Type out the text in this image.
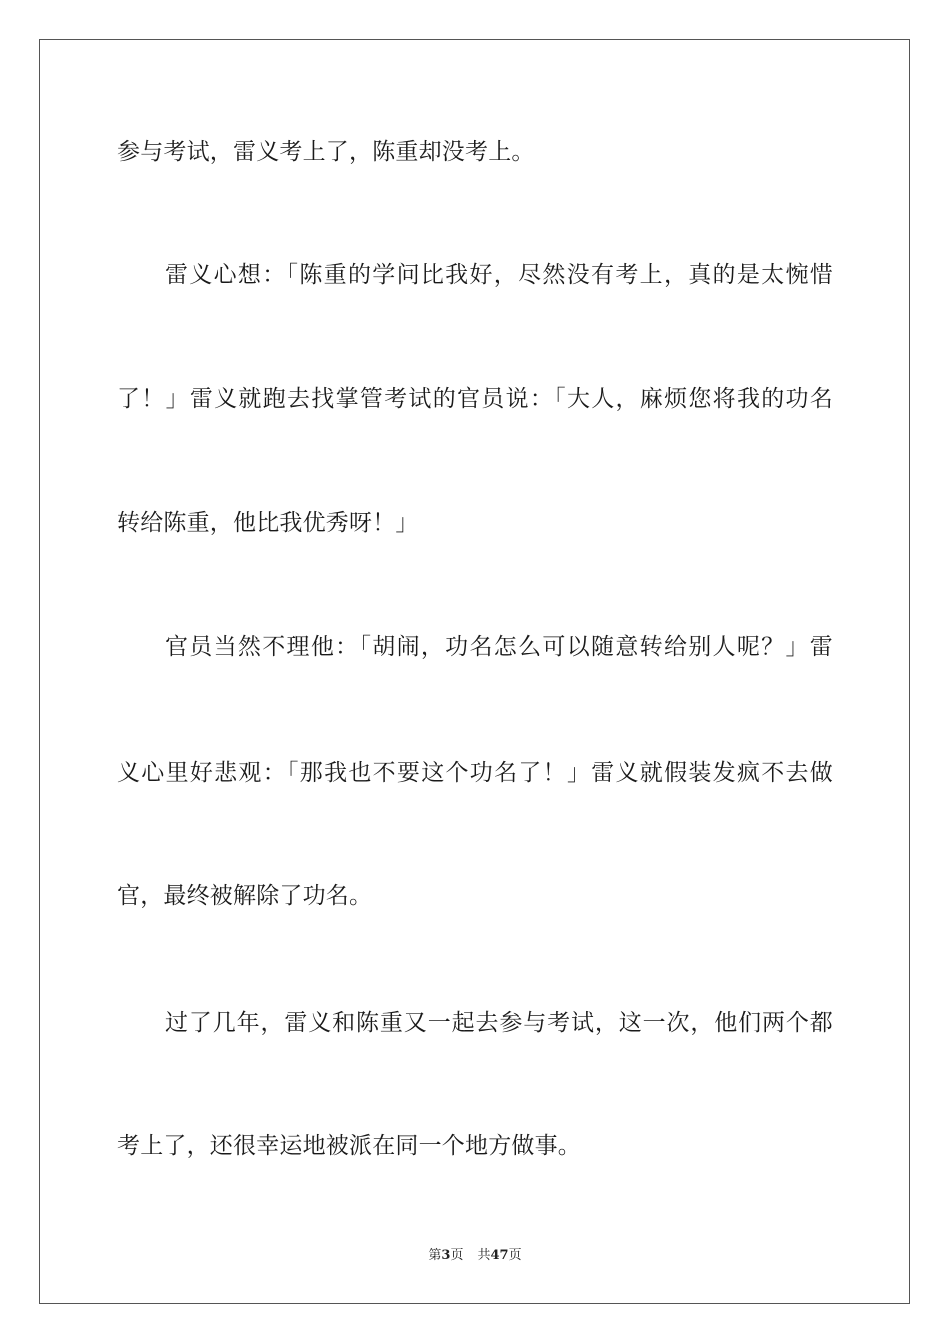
参与考试，雷义考上了，陈重却没考上。
雷义心想：「陈重的学问比我好，尽然没有考上，真的是太惋惜
了！」雷义就跑去找掌管考试的官员说：「大人，麻烦您将我的功名
转给陈重，他比我优秀呀！」
官员当然不理他：「胡闹，功名怎么可以随意转给别人呢？」雷
义心里好悲观：「那我也不要这个功名了！」雷义就假装发疯不去做
官，最终被解除了功名。
过了几年，雷义和陈重又一起去参与考试，这一次，他们两个都
考上了，还很幸运地被派在同一个地方做事。
第3页 共47页
